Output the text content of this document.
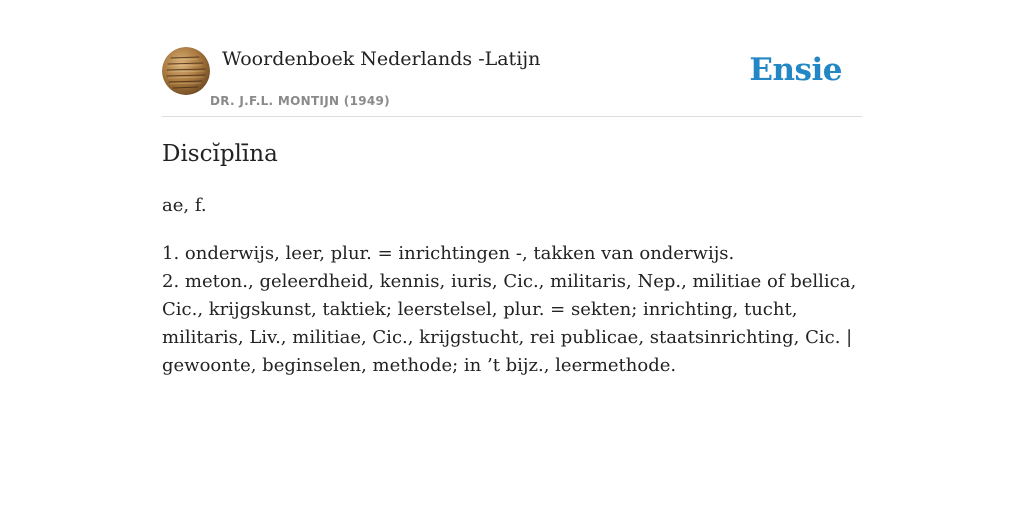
Woordenboek Nederlands -Latijn
DR. J.F.L. MONTIJN (1949)
Ensie
Discĭplīna

ae, f.

1. onderwijs, leer, plur. = inrichtingen -, takken van onderwijs.
2. meton., geleerdheid, kennis, iuris, Cic., militaris, Nep., militiae of bellica, Cic., krijgskunst, taktiek; leerstelsel, plur. = sekten; inrichting, tucht, militaris, Liv., militiae, Cic., krijgstucht, rei publicae, staatsinrichting, Cic. | gewoonte, beginselen, methode; in ’t bijz., leermethode.
